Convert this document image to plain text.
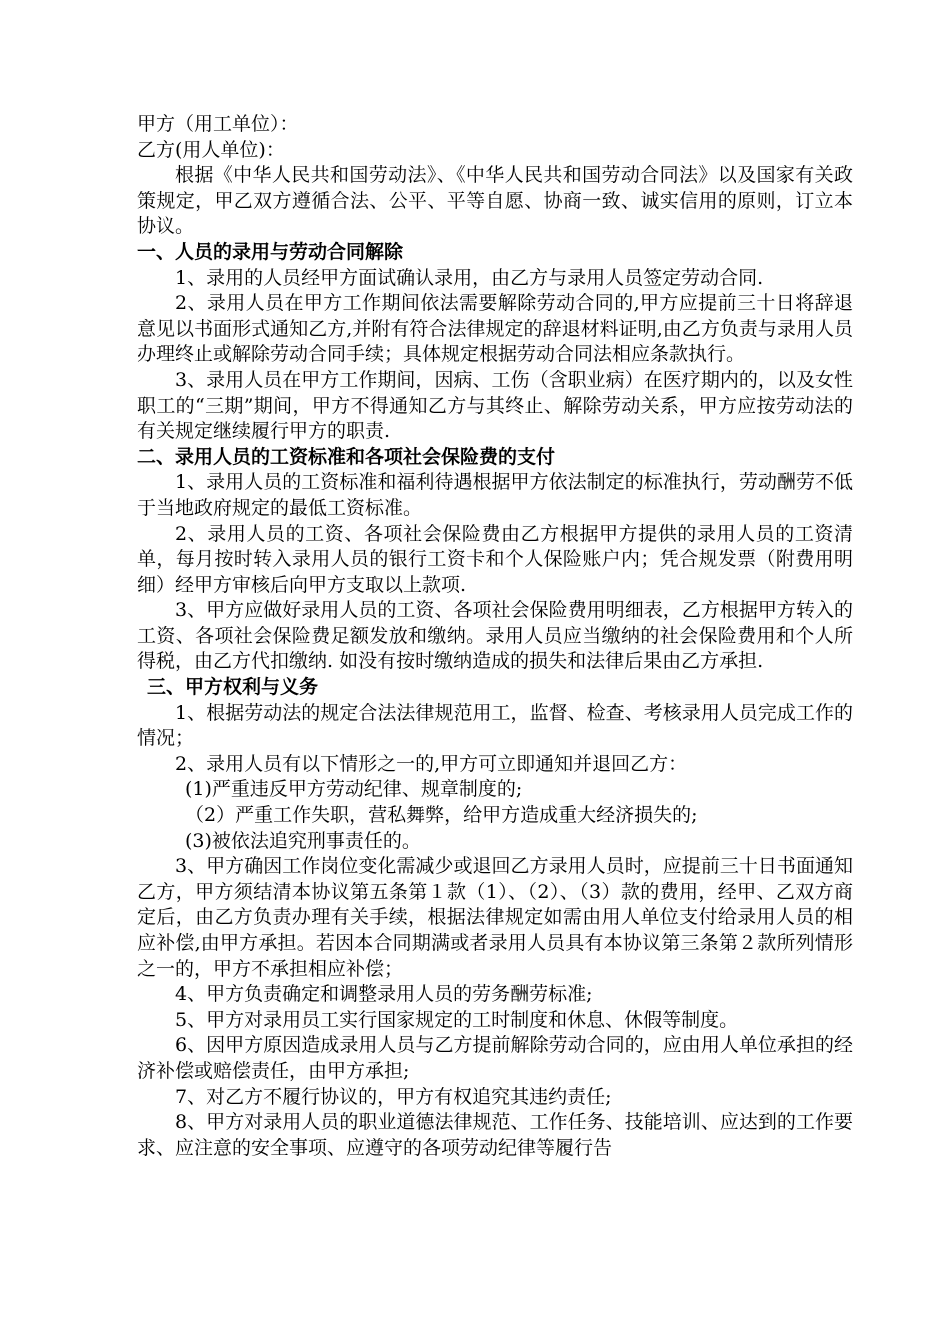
甲方（用工单位）：

乙方(用人单位)：

根据《中华人民共和国劳动法》、《中华人民共和国劳动合同法》以及国家有关政策规定，甲乙双方遵循合法、公平、平等自愿、协商一致、诚实信用的原则，订立本协议。

一、人员的录用与劳动合同解除

1、录用的人员经甲方面试确认录用，由乙方与录用人员签定劳动合同.

2、录用人员在甲方工作期间依法需要解除劳动合同的,甲方应提前三十日将辞退意见以书面形式通知乙方,并附有符合法律规定的辞退材料证明,由乙方负责与录用人员办理终止或解除劳动合同手续；具体规定根据劳动合同法相应条款执行。

3、录用人员在甲方工作期间，因病、工伤（含职业病）在医疗期内的，以及女性职工的“三期”期间，甲方不得通知乙方与其终止、解除劳动关系，甲方应按劳动法的有关规定继续履行甲方的职责.

二、录用人员的工资标准和各项社会保险费的支付

1、录用人员的工资标准和福利待遇根据甲方依法制定的标准执行，劳动酬劳不低于当地政府规定的最低工资标准。

2、录用人员的工资、各项社会保险费由乙方根据甲方提供的录用人员的工资清单，每月按时转入录用人员的银行工资卡和个人保险账户内；凭合规发票（附费用明细）经甲方审核后向甲方支取以上款项.

3、甲方应做好录用人员的工资、各项社会保险费用明细表，乙方根据甲方转入的工资、各项社会保险费足额发放和缴纳。录用人员应当缴纳的社会保险费用和个人所得税，由乙方代扣缴纳. 如没有按时缴纳造成的损失和法律后果由乙方承担.

三、甲方权利与义务

1、根据劳动法的规定合法法律规范用工，监督、检查、考核录用人员完成工作的情况；

2、录用人员有以下情形之一的,甲方可立即通知并退回乙方：

(1)严重违反甲方劳动纪律、规章制度的;

（2）严重工作失职，营私舞弊，给甲方造成重大经济损失的;

(3)被依法追究刑事责任的。

3、甲方确因工作岗位变化需减少或退回乙方录用人员时，应提前三十日书面通知乙方，甲方须结清本协议第五条第１款（1）、（2）、（3）款的费用，经甲、乙双方商定后，由乙方负责办理有关手续，根据法律规定如需由用人单位支付给录用人员的相应补偿,由甲方承担。若因本合同期满或者录用人员具有本协议第三条第２款所列情形之一的，甲方不承担相应补偿；

4、甲方负责确定和调整录用人员的劳务酬劳标准;

5、甲方对录用员工实行国家规定的工时制度和休息、休假等制度。

6、因甲方原因造成录用人员与乙方提前解除劳动合同的，应由用人单位承担的经济补偿或赔偿责任，由甲方承担;

7、对乙方不履行协议的，甲方有权追究其违约责任;

8、甲方对录用人员的职业道德法律规范、工作任务、技能培训、应达到的工作要求、应注意的安全事项、应遵守的各项劳动纪律等履行告
